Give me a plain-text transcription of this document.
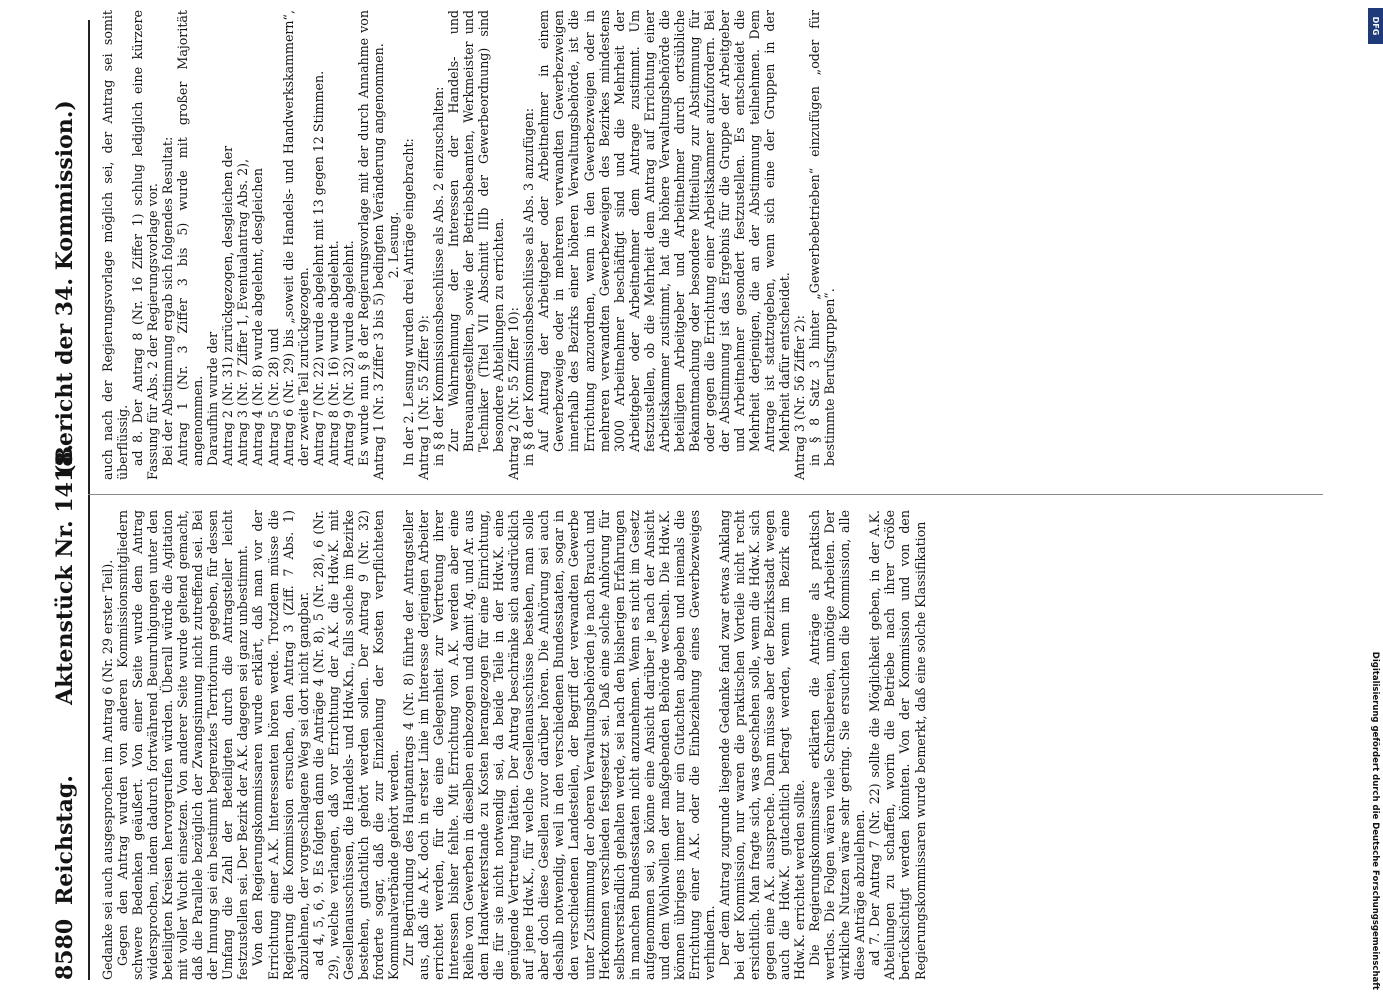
8580
Reichstag.
Aktenstück Nr. 1418.
(Bericht der 34. Kommission.)

Gedanke sei auch ausgesprochen im Antrag 6 (Nr. 29 erster Teil). Gegen den Antrag wurden von anderen Kommissionsmitgliedern schwere Bedenken geäußert. Von einer Seite wurde dem Antrag widersprochen, indem dadurch fortwährend Beunruhigungen unter den beteiligten Kreisen hervorgerufen würden. Überall würde die Agitation mit voller Wucht einsetzen. Von anderer Seite wurde geltend gemacht, daß die Parallele bezüglich der Zwangsinnung nicht zutreffend sei. Bei der Innung sei ein bestimmt begrenztes Territorium gegeben, für dessen Umfang die Zahl der Beteiligten durch die Antragsteller leicht festzustellen sei. Der Bezirk der A.K. dagegen sei ganz unbestimmt. Von den Regierungskommissaren wurde erklärt, daß man vor der Errichtung einer A.K. Interessenten hören werde. Trotzdem müsse die Regierung die Kommission ersuchen, den Antrag 3 (Ziff. 7 Abs. 1) abzulehnen, der vorgeschlagene Weg sei dort nicht gangbar. ad 4, 5, 6, 9. Es folgten dann die Anträge 4 (Nr. 8), 5 (Nr. 28), 6 (Nr. 29), welche verlangen, daß vor Errichtung der A.K. die Hdw.K. mit Gesellenausschüssen, die Handels- und Hdw.Kn., falls solche im Bezirke bestehen, gutachtlich gehört werden sollen. Der Antrag 9 (Nr. 32) forderte sogar, daß die zur Einziehung der Kosten verpflichteten Kommunalverbände gehört werden. Zur Begründung des Hauptantrags 4 (Nr. 8) führte der Antragsteller aus, daß die A.K. doch in erster Linie im Interesse derjenigen Arbeiter errichtet werden, für die eine Gelegenheit zur Vertretung ihrer Interessen bisher fehlte. Mit Errichtung von A.K. werden aber eine Reihe von Gewerben in dieselben einbezogen und damit Ag. und Ar. aus dem Handwerkerstande zu Kosten herangezogen für eine Einrichtung, die für sie nicht notwendig sei, da beide Teile in der Hdw.K. eine genügende Vertretung hätten. Der Antrag beschränke sich ausdrücklich auf jene Hdw.K., für welche Gesellenausschüsse bestehen, man solle aber doch diese Gesellen zuvor darüber hören. Die Anhörung sei auch deshalb notwendig, weil in den verschiedenen Bundesstaaten, sogar in den verschiedenen Landesteilen, der Begriff der verwandten Gewerbe unter Zustimmung der oberen Verwaltungsbehörden je nach Brauch und Herkommen verschieden festgesetzt sei. Daß eine solche Anhörung für selbstverständlich gehalten werde, sei nach den bisherigen Erfahrungen in manchen Bundesstaaten nicht anzunehmen. Wenn es nicht im Gesetz aufgenommen sei, so könne eine Ansicht darüber je nach der Ansicht und dem Wohlwollen der maßgebenden Behörde wechseln. Die Hdw.K. können übrigens immer nur ein Gutachten abgeben und niemals die Errichtung einer A.K. oder die Einbeziehung eines Gewerbezweiges verhindern. Der dem Antrag zugrunde liegende Gedanke fand zwar etwas Anklang bei der Kommission, nur waren die praktischen Vorteile nicht recht ersichtlich. Man fragte sich, was geschehen solle, wenn die Hdw.K. sich gegen eine A.K. ausspreche. Dann müsse aber der Bezirksstadt wegen auch die Hdw.K. gutachtlich befragt werden, wenn im Bezirk eine Hdw.K. errichtet werden sollte. Die Regierungskommissare erklärten die Anträge als praktisch wertlos. Die Folgen wären viele Schreibereien, unnötige Arbeiten. Der wirkliche Nutzen wäre sehr gering. Sie ersuchten die Kommission, alle diese Anträge abzulehnen. ad 7. Der Antrag 7 (Nr. 22) sollte die Möglichkeit geben, in der A.K. Abteilungen zu schaffen, worin die Betriebe nach ihrer Größe berücksichtigt werden könnten. Von der Kommission und von den Regierungskommissaren wurde bemerkt, daß eine solche Klassifikation

auch nach der Regierungsvorlage möglich sei, der Antrag sei somit überflüssig. ad 8. Der Antrag 8 (Nr. 16 Ziffer 1) schlug lediglich eine kürzere Fassung für Abs. 2 der Regierungsvorlage vor. Bei der Abstimmung ergab sich folgendes Resultat: Antrag 1 (Nr. 3 Ziffer 3 bis 5) wurde mit großer Majorität angenommen. Daraufhin wurde der Antrag 2 (Nr. 31) zurückgezogen, desgleichen der Antrag 3 (Nr. 7 Ziffer 1, Eventualantrag Abs. 2), Antrag 4 (Nr. 8) wurde abgelehnt, desgleichen Antrag 5 (Nr. 28) und Antrag 6 (Nr. 29) bis „soweit die Handels- und Handwerkskammern“, der zweite Teil zurückgezogen. Antrag 7 (Nr. 22) wurde abgelehnt mit 13 gegen 12 Stimmen. Antrag 8 (Nr. 16) wurde abgelehnt. Antrag 9 (Nr. 32) wurde abgelehnt. Es wurde nun § 8 der Regierungsvorlage mit der durch Annahme von Antrag 1 (Nr. 3 Ziffer 3 bis 5) bedingten Veränderung angenommen. 2. Lesung. In der 2. Lesung wurden drei Anträge eingebracht: Antrag 1 (Nr. 55 Ziffer 9): in § 8 der Kommissionsbeschlüsse als Abs. 2 einzuschalten: Zur Wahrnehmung der Interessen der Handels- und Bureauangestellten, sowie der Betriebsbeamten, Werkmeister und Techniker (Titel VII Abschnitt IIIb der Gewerbeordnung) sind besondere Abteilungen zu errichten. Antrag 2 (Nr. 55 Ziffer 10): in § 8 der Kommissionsbeschlüsse als Abs. 3 anzufügen: Auf Antrag der Arbeitgeber oder Arbeitnehmer in einem Gewerbezweige oder in mehreren verwandten Gewerbezweigen innerhalb des Bezirks einer höheren Verwaltungsbehörde, ist die Errichtung anzuordnen, wenn in den Gewerbezweigen oder in mehreren verwandten Gewerbezweigen des Bezirkes mindestens 3000 Arbeitnehmer beschäftigt sind und die Mehrheit der Arbeitgeber oder Arbeitnehmer dem Antrage zustimmt. Um festzustellen, ob die Mehrheit dem Antrag auf Errichtung einer Arbeitskammer zustimmt, hat die höhere Verwaltungsbehörde die beteiligten Arbeitgeber und Arbeitnehmer durch ortsübliche Bekanntmachung oder besondere Mitteilung zur Abstimmung für oder gegen die Errichtung einer Arbeitskammer aufzufordern. Bei der Abstimmung ist das Ergebnis für die Gruppe der Arbeitgeber und Arbeitnehmer gesondert festzustellen. Es entscheidet die Mehrheit derjenigen, die an der Abstimmung teilnehmen. Dem Antrage ist stattzugeben, wenn sich eine der Gruppen in der Mehrheit dafür entscheidet. Antrag 3 (Nr. 56 Ziffer 2): in § 8 Satz 3 hinter „Gewerbebetrieben“ einzufügen „oder für bestimmte Berufsgruppen“.

Digitalisierung gefördert durch die Deutsche Forschungsgemeinschaft
DFG
